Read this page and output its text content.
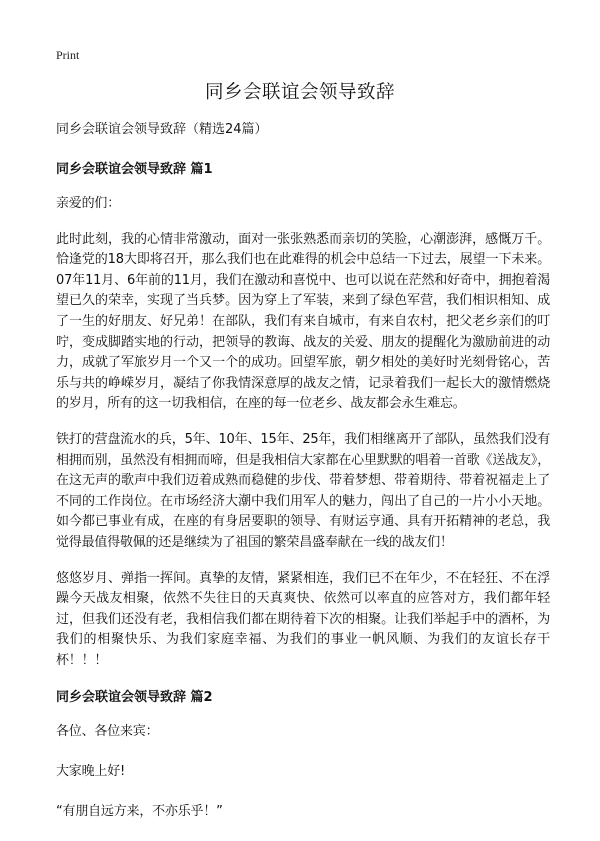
Print
同乡会联谊会领导致辞

同乡会联谊会领导致辞（精选24篇）

同乡会联谊会领导致辞 篇1

亲爱的们：

此时此刻，我的心情非常激动，面对一张张熟悉而亲切的笑脸，心潮澎湃，感慨万千。恰逢党的18大即将召开，那么我们也在此难得的机会中总结一下过去，展望一下未来。07年11月、6年前的11月，我们在激动和喜悦中、也可以说在茫然和好奇中，拥抱着渴望已久的荣幸，实现了当兵梦。因为穿上了军装，来到了绿色军营，我们相识相知、成了一生的好朋友、好兄弟！在部队，我们有来自城市，有来自农村，把父老乡亲们的叮咛，变成脚踏实地的行动，把领导的教诲、战友的关爱、朋友的提醒化为激励前进的动力，成就了军旅岁月一个又一个的成功。回望军旅，朝夕相处的美好时光刻骨铭心，苦乐与共的峥嵘岁月，凝结了你我情深意厚的战友之情，记录着我们一起长大的激情燃烧的岁月，所有的这一切我相信，在座的每一位老乡、战友都会永生难忘。

铁打的营盘流水的兵，5年、10年、15年、25年，我们相继离开了部队，虽然我们没有相拥而别，虽然没有相拥而啼，但是我相信大家都在心里默默的唱着一首歌《送战友》，在这无声的歌声中我们迈着成熟而稳健的步伐、带着梦想、带着期待、带着祝福走上了不同的工作岗位。在市场经济大潮中我们用军人的魅力，闯出了自己的一片小小天地。如今都已事业有成，在座的有身居要职的领导、有财运亨通、具有开拓精神的老总，我觉得最值得敬佩的还是继续为了祖国的繁荣昌盛奉献在一线的战友们！

悠悠岁月、弹指一挥间。真挚的友情，紧紧相连，我们已不在年少，不在轻狂、不在浮躁今天战友相聚，依然不失往日的天真爽快、依然可以率直的应答对方，我们都年轻过，但我们还没有老，我相信我们都在期待着下次的相聚。让我们举起手中的酒杯，为我们的相聚快乐、为我们家庭幸福、为我们的事业一帆风顺、为我们的友谊长存干杯！！！

同乡会联谊会领导致辞 篇2

各位、各位来宾：

大家晚上好!

“有朋自远方来，不亦乐乎！”
